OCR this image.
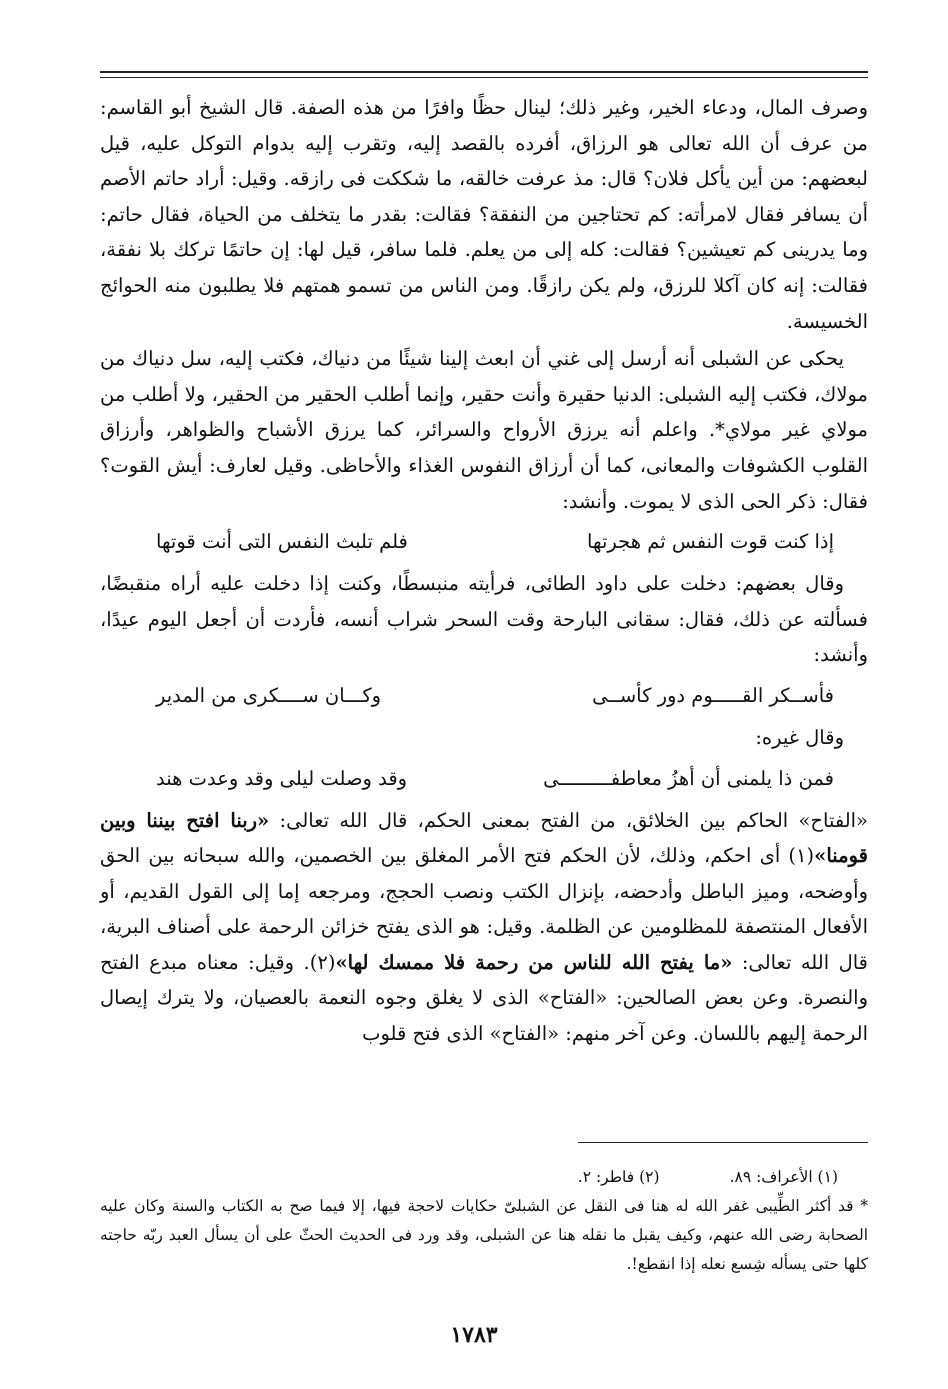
وصرف المال، ودعاء الخير، وغير ذلك؛ لينال حظًا وافرًا من هذه الصفة. قال الشيخ أبو القاسم: من عرف أن الله تعالى هو الرزاق، أفرده بالقصد إليه، وتقرب إليه بدوام التوكل عليه، قيل لبعضهم: من أين يأكل فلان؟ قال: مذ عرفت خالقه، ما شككت فى رازقه. وقيل: أراد حاتم الأصم أن يسافر فقال لامرأته: كم تحتاجين من النفقة؟ فقالت: بقدر ما يتخلف من الحياة، فقال حاتم: وما يدرينى كم تعيشين؟ فقالت: كله إلى من يعلم. فلما سافر، قيل لها: إن حاتمًا تركك بلا نفقة، فقالت: إنه كان آكلا للرزق، ولم يكن رازقًا. ومن الناس من تسمو همتهم فلا يطلبون منه الحوائج الخسيسة.

يحكى عن الشبلى أنه أرسل إلى غني أن ابعث إلينا شيئًا من دنياك، فكتب إليه، سل دنياك من مولاك، فكتب إليه الشبلى: الدنيا حقيرة وأنت حقير، وإنما أطلب الحقير من الحقير، ولا أطلب من مولاي غير مولاي*. واعلم أنه يرزق الأرواح والسرائر، كما يرزق الأشباح والظواهر، وأرزاق القلوب الكشوفات والمعانى، كما أن أرزاق النفوس الغذاء والأحاظى. وقيل لعارف: أيش القوت؟ فقال: ذكر الحى الذى لا يموت. وأنشد:

إذا كنت قوت النفس ثم هجرتها
فلم تلبث النفس التى أنت قوتها

وقال بعضهم: دخلت على داود الطائى، فرأيته منبسطًا، وكنت إذا دخلت عليه أراه منقبضًا، فسألته عن ذلك، فقال: سقانى البارحة وقت السحر شراب أنسه، فأردت أن أجعل اليوم عيدًا، وأنشد:

فأســكر القـــــوم دور كأســى
وكـــان ســــكرى من المدير

وقال غيره:

فمن ذا يلمنى أن أهزُ معاطفـــــــــى
وقد وصلت ليلى وقد وعدت هند

«الفتاح» الحاكم بين الخلائق، من الفتح بمعنى الحكم، قال الله تعالى: «ربنا افتح بيننا وبين قومنا»(١) أى احكم، وذلك، لأن الحكم فتح الأمر المغلق بين الخصمين، والله سبحانه بين الحق وأوضحه، وميز الباطل وأدحضه، بإنزال الكتب ونصب الحجج، ومرجعه إما إلى القول القديم، أو الأفعال المنتصفة للمظلومين عن الظلمة. وقيل: هو الذى يفتح خزائن الرحمة على أصناف البرية، قال الله تعالى: «ما يفتح الله للناس من رحمة فلا ممسك لها»(٢). وقيل: معناه مبدع الفتح والنصرة. وعن بعض الصالحين: «الفتاح» الذى لا يغلق وجوه النعمة بالعصيان، ولا يترك إيصال الرحمة إليهم باللسان. وعن آخر منهم: «الفتاح» الذى فتح قلوب

(١) الأعراف: ٨٩.
(٢) فاطر: ٢.

* قد أكثر الطِّيبى غفر الله له هنا فى النقل عن الشبلىّ حكايات لاحجة فيها، إلا فيما صح به الكتاب والسنة وكان عليه الصحابة رضى الله عنهم، وكيف يقبل ما نقله هنا عن الشبلى، وقد ورد فى الحديث الحثّ على أن يسأل العبد ربّه حاجته كلها حتى يسأله شِسع نعله إذا انقطع!.

١٧٨٣
